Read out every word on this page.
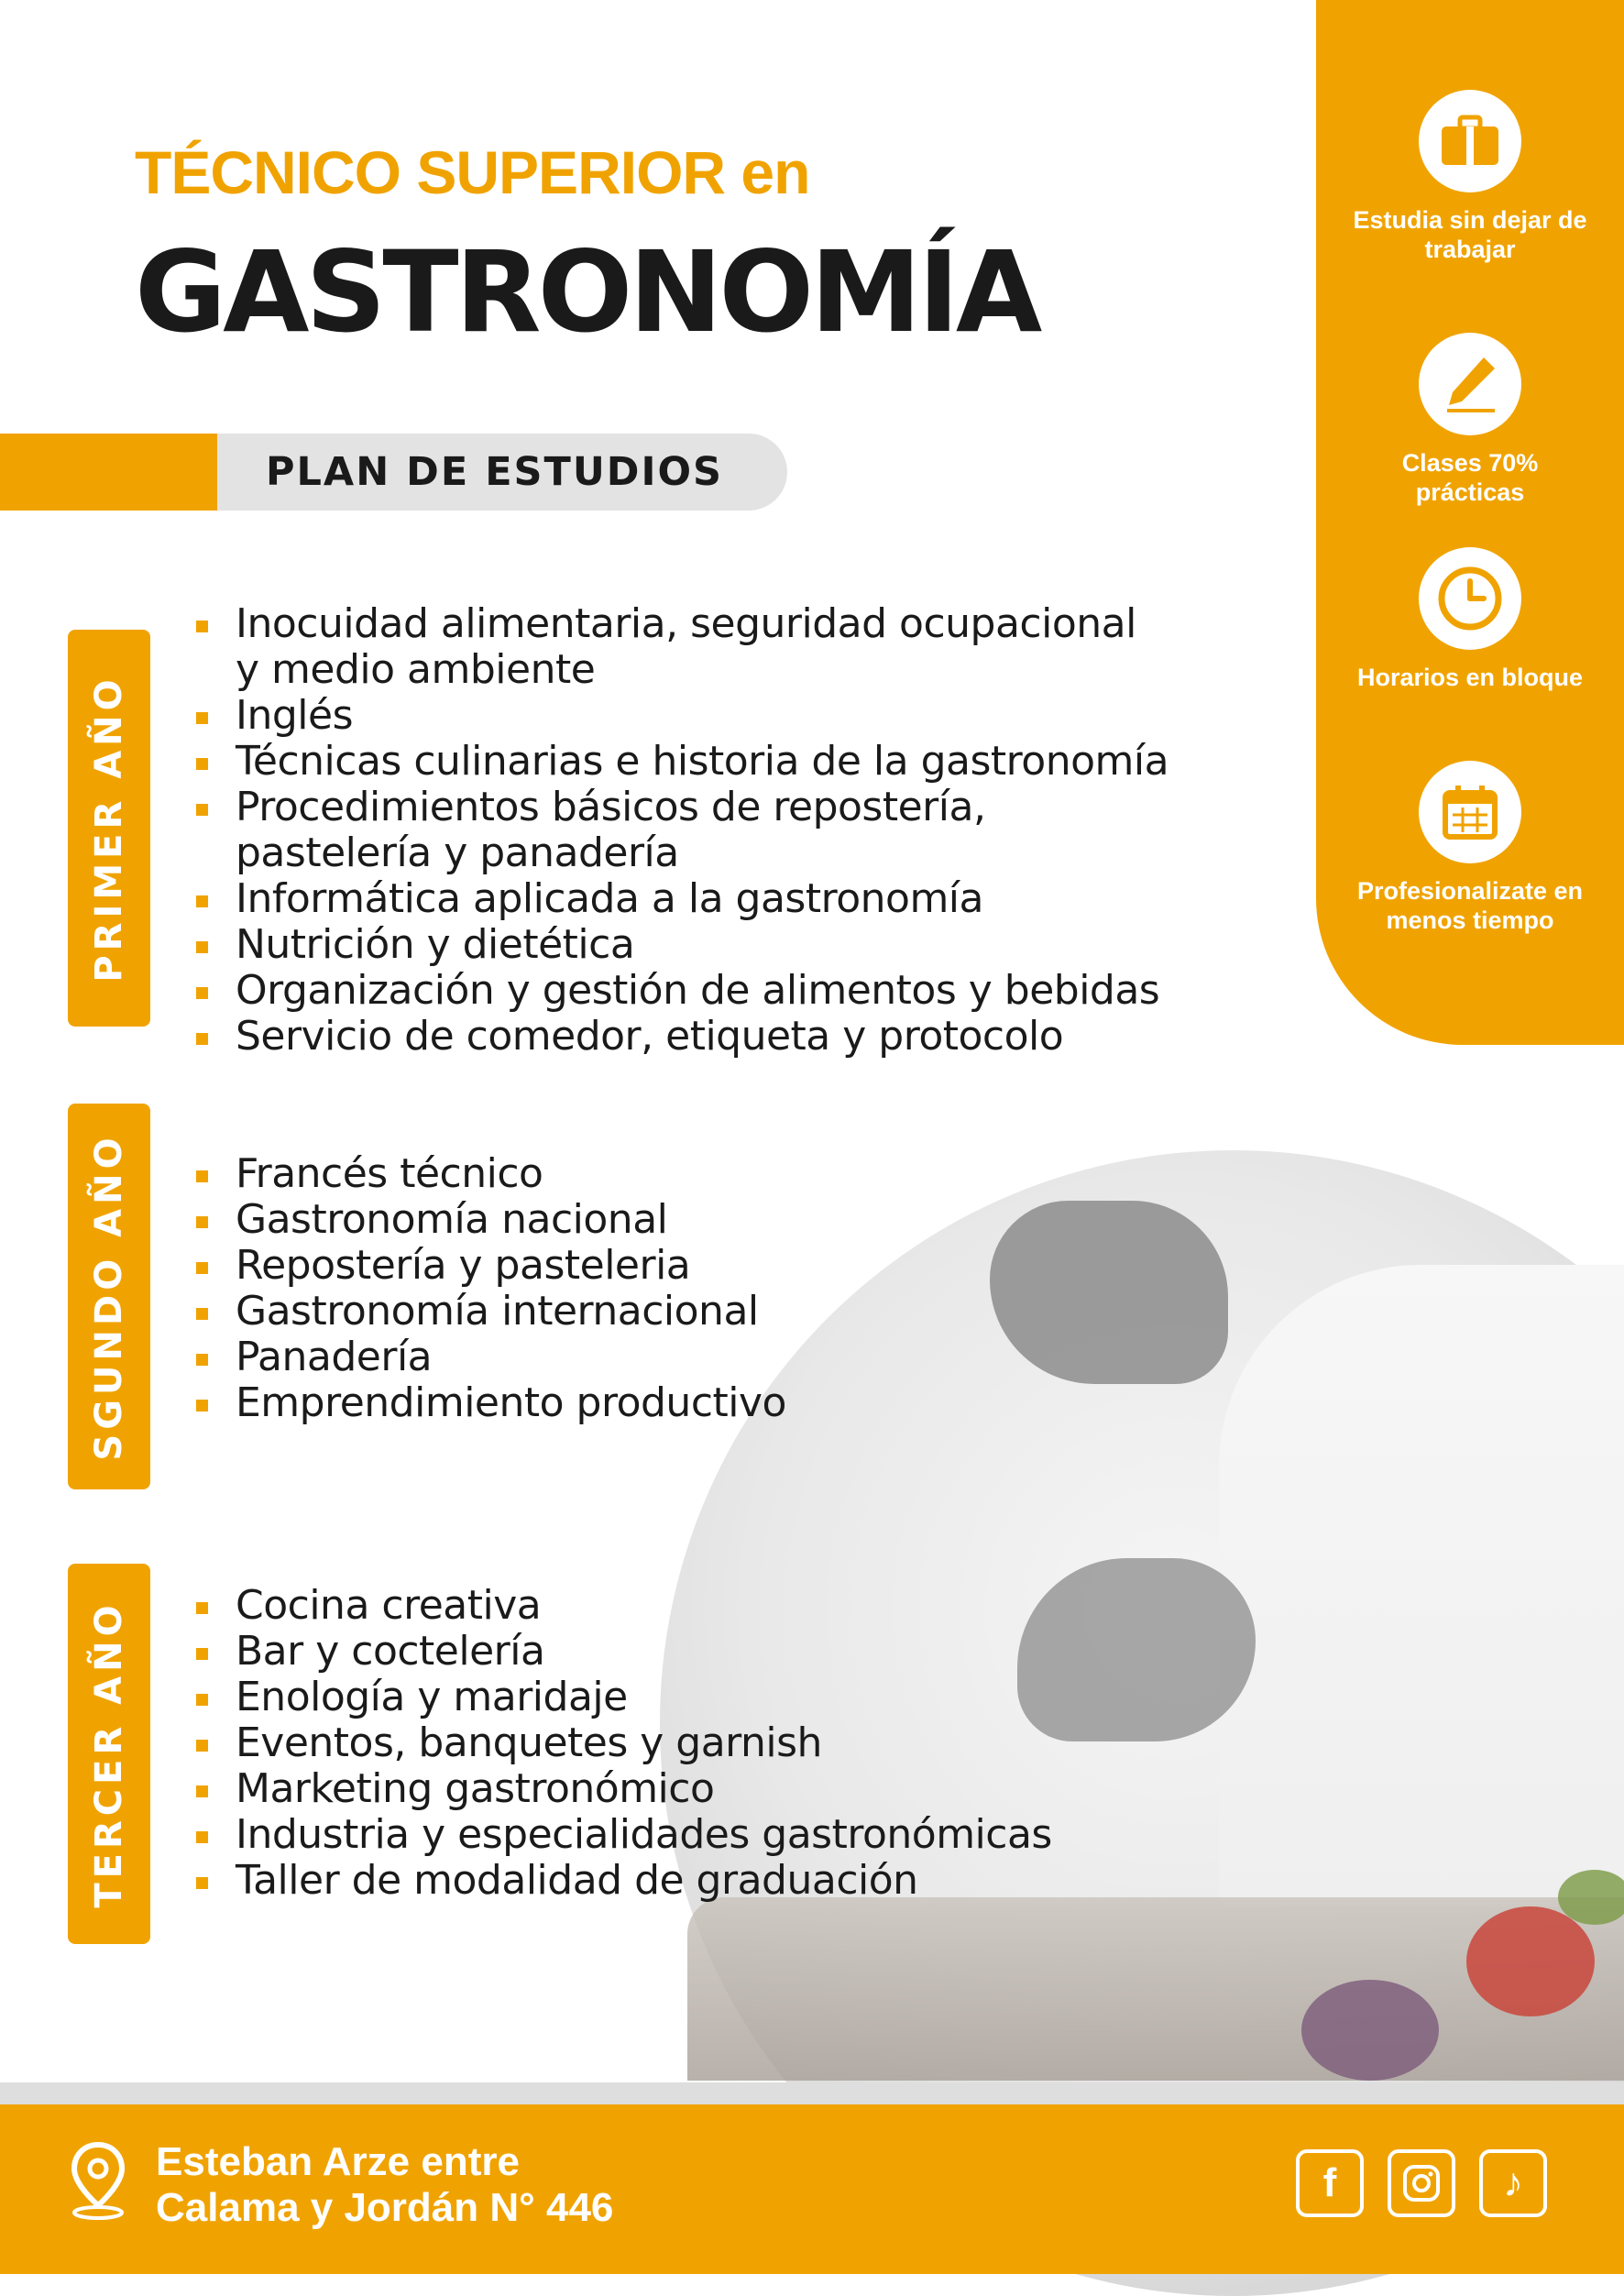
Estudia sin dejar de trabajar
Clases 70% prácticas
Horarios en bloque
Profesionalizate en menos tiempo
TÉCNICO SUPERIOR en
GASTRONOMÍA
PLAN DE ESTUDIOS
PRIMER AÑO
Inocuidad alimentaria, seguridad ocupacional
y medio ambiente
Inglés
Técnicas culinarias e historia de la gastronomía
Procedimientos básicos de repostería,
pastelería y panadería
Informática aplicada a la gastronomía
Nutrición y dietética
Organización y gestión de alimentos y bebidas
Servicio de comedor, etiqueta y protocolo
SGUNDO AÑO	Francés técnico
Gastronomía nacional
Repostería y pasteleria
Gastronomía internacional
Panadería
Emprendimiento productivo
TERCER AÑO	Cocina creativa
Bar y coctelería
Enología y maridaje
Eventos, banquetes y garnish
Marketing gastronómico
Industria y especialidades gastronómicas
Taller de modalidad de graduación
Esteban Arze entre
Calama y Jordán N° 446
f	♪
